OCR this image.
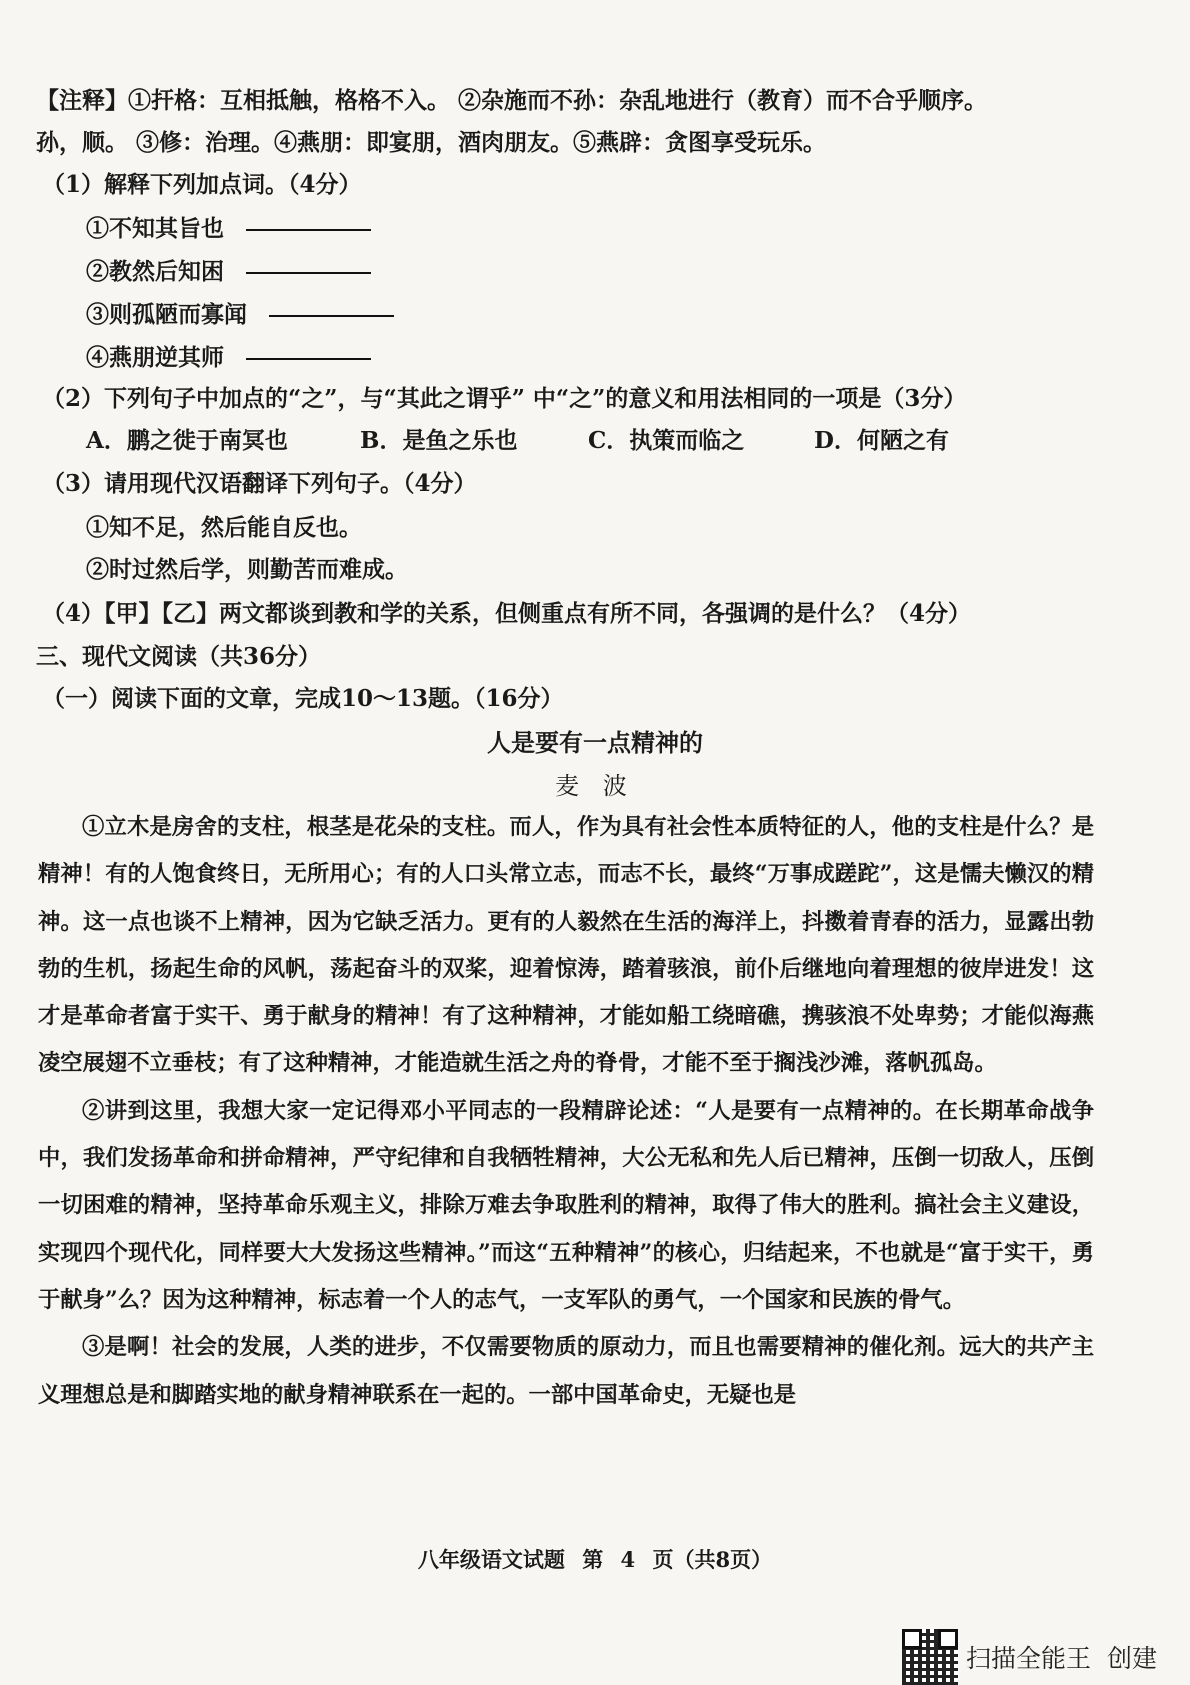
【注释】①扞格：互相抵触，格格不入。 ②杂施而不孙：杂乱地进行（教育）而不合乎顺序。
孙，顺。 ③修：治理。④燕朋：即宴朋，酒肉朋友。⑤燕辟：贪图享受玩乐。
（1）解释下列加点词。（4分）
①不知其旨也
②教然后知困
③则孤陋而寡闻
④燕朋逆其师
（2）下列句子中加点的“之”，与“其此之谓乎” 中“之”的意义和用法相同的一项是（3分）
A．鹏之徙于南冥也	B．是鱼之乐也	C．执策而临之	D．何陋之有
（3）请用现代汉语翻译下列句子。（4分）
①知不足，然后能自反也。
②时过然后学，则勤苦而难成。
（4）【甲】【乙】两文都谈到教和学的关系，但侧重点有所不同，各强调的是什么？（4分）
三、现代文阅读（共36分）
（一）阅读下面的文章，完成10～13题。（16分）
人是要有一点精神的
麦 波

①立木是房舍的支柱，根茎是花朵的支柱。而人，作为具有社会性本质特征的人，他的支柱是什么？是精神！有的人饱食终日，无所用心；有的人口头常立志，而志不长，最终“万事成蹉跎”，这是懦夫懒汉的精神。这一点也谈不上精神，因为它缺乏活力。更有的人毅然在生活的海洋上，抖擞着青春的活力，显露出勃勃的生机，扬起生命的风帆，荡起奋斗的双桨，迎着惊涛，踏着骇浪，前仆后继地向着理想的彼岸进发！这才是革命者富于实干、勇于献身的精神！有了这种精神，才能如船工绕暗礁，携骇浪不处卑势；才能似海燕凌空展翅不立垂枝；有了这种精神，才能造就生活之舟的脊骨，才能不至于搁浅沙滩，落帆孤岛。

②讲到这里，我想大家一定记得邓小平同志的一段精辟论述：“人是要有一点精神的。在长期革命战争中，我们发扬革命和拼命精神，严守纪律和自我牺牲精神，大公无私和先人后已精神，压倒一切敌人，压倒一切困难的精神，坚持革命乐观主义，排除万难去争取胜利的精神，取得了伟大的胜利。搞社会主义建设，实现四个现代化，同样要大大发扬这些精神。”而这“五种精神”的核心，归结起来，不也就是“富于实干，勇于献身”么？因为这种精神，标志着一个人的志气，一支军队的勇气，一个国家和民族的骨气。

③是啊！社会的发展，人类的进步，不仅需要物质的原动力，而且也需要精神的催化剂。远大的共产主义理想总是和脚踏实地的献身精神联系在一起的。一部中国革命史，无疑也是

八年级语文试题 第 4 页（共8页）
扫描全能王 创建
